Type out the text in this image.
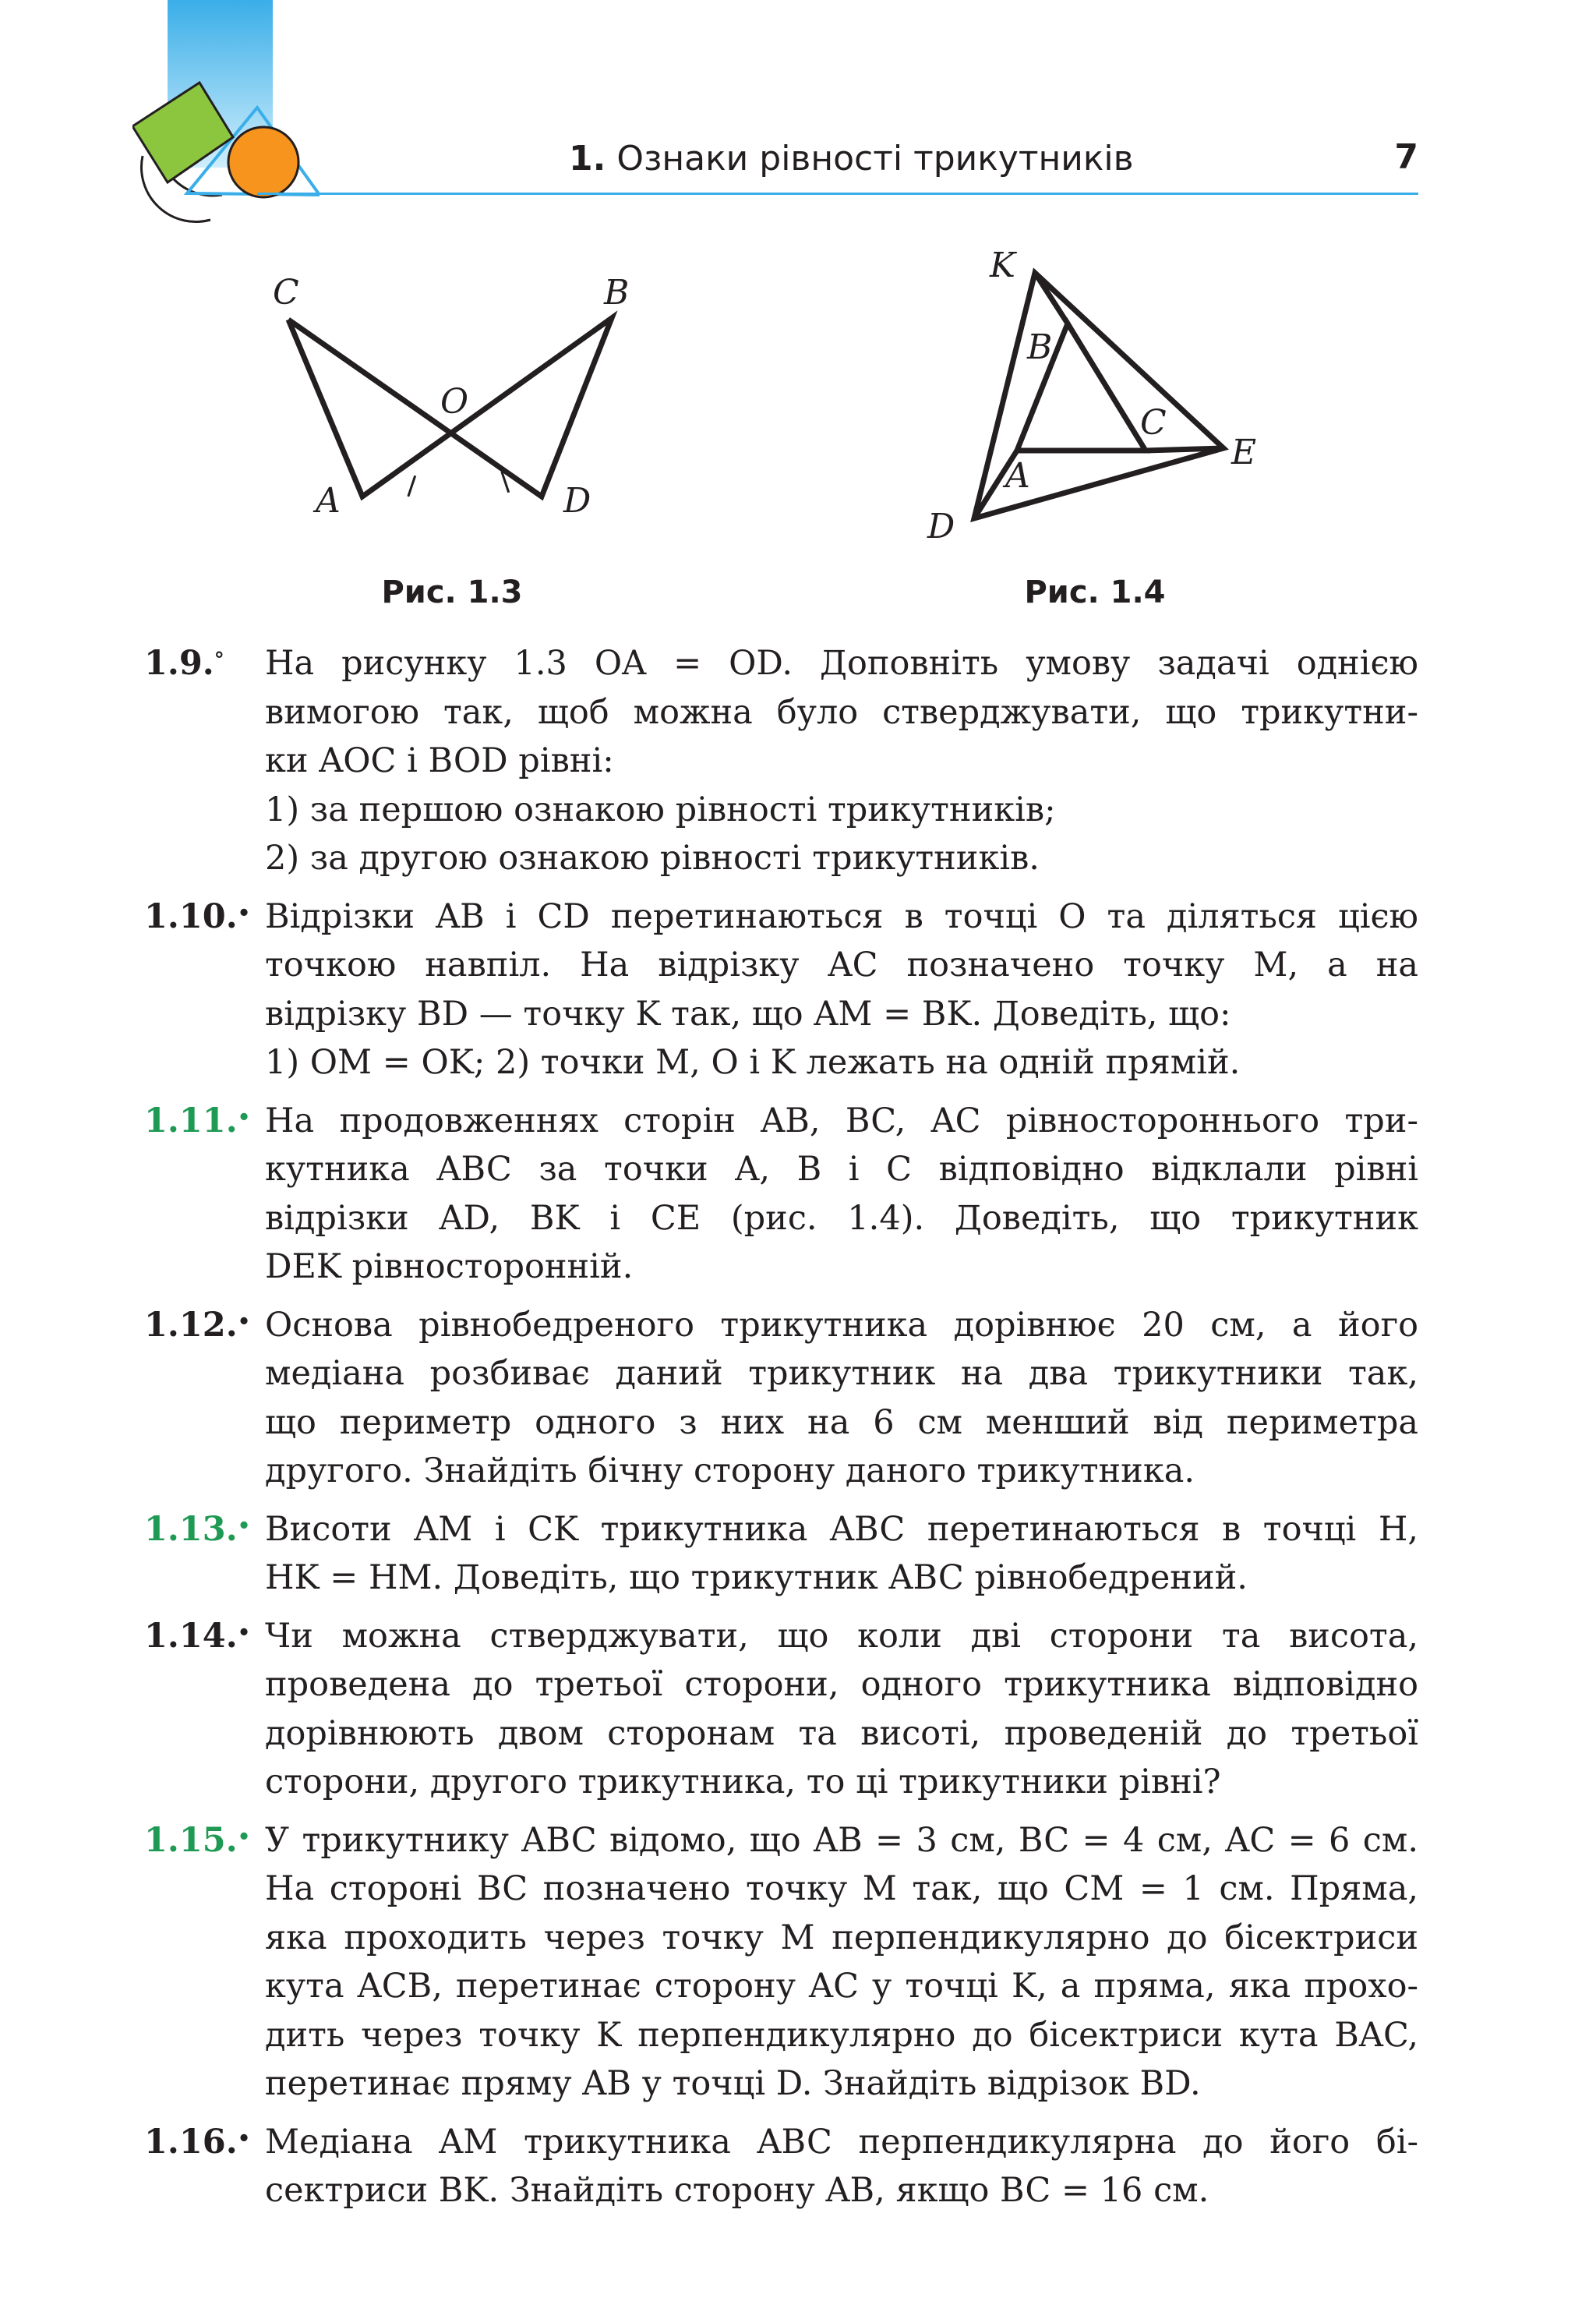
1. Ознаки рівності трикутників	7
C	B
O
A	D
Рис. 1.3
K
B
C
E
A
D
Рис. 1.4
1.9.° На рисунку 1.3 OA = OD. Доповніть умову задачі однією
вимогою так, щоб можна було стверджувати, що трикутни-
ки AOC і BOD рівні:
1) за першою ознакою рівності трикутників;
2) за другою ознакою рівності трикутників.
1.10.• Відрізки AB і CD перетинаються в точці O та діляться цією
точкою навпіл. На відрізку AC позначено точку M, а на
відрізку BD — точку K так, що AM = BK. Доведіть, що:
1) OM = OK; 2) точки M, O і K лежать на одній прямій.
1.11.• На продовженнях сторін AB, BC, AC рівностороннього три-
кутника ABC за точки A, B і C відповідно відклали рівні
відрізки AD, BK і CE (рис. 1.4). Доведіть, що трикутник
DEK рівносторонній.
1.12.• Основа рівнобедреного трикутника дорівнює 20 см, а його
медіана розбиває даний трикутник на два трикутники так,
що периметр одного з них на 6 см менший від периметра
другого. Знайдіть бічну сторону даного трикутника.
1.13.• Висоти AM і CK трикутника ABC перетинаються в точці H,
HK = HM. Доведіть, що трикутник ABC рівнобедрений.
1.14.• Чи можна стверджувати, що коли дві сторони та висота,
проведена до третьої сторони, одного трикутника відповідно
дорівнюють двом сторонам та висоті, проведеній до третьої
сторони, другого трикутника, то ці трикутники рівні?
1.15.• У трикутнику ABC відомо, що AB = 3 см, BC = 4 см, AC = 6 см.
На стороні BC позначено точку M так, що CM = 1 см. Пряма,
яка проходить через точку M перпендикулярно до бісектриси
кута ACB, перетинає сторону AC у точці K, а пряма, яка прохо-
дить через точку K перпендикулярно до бісектриси кута BAC,
перетинає пряму AB у точці D. Знайдіть відрізок BD.
1.16.• Медіана AM трикутника ABC перпендикулярна до його бі-
сектриси BK. Знайдіть сторону AB, якщо BC = 16 см.
